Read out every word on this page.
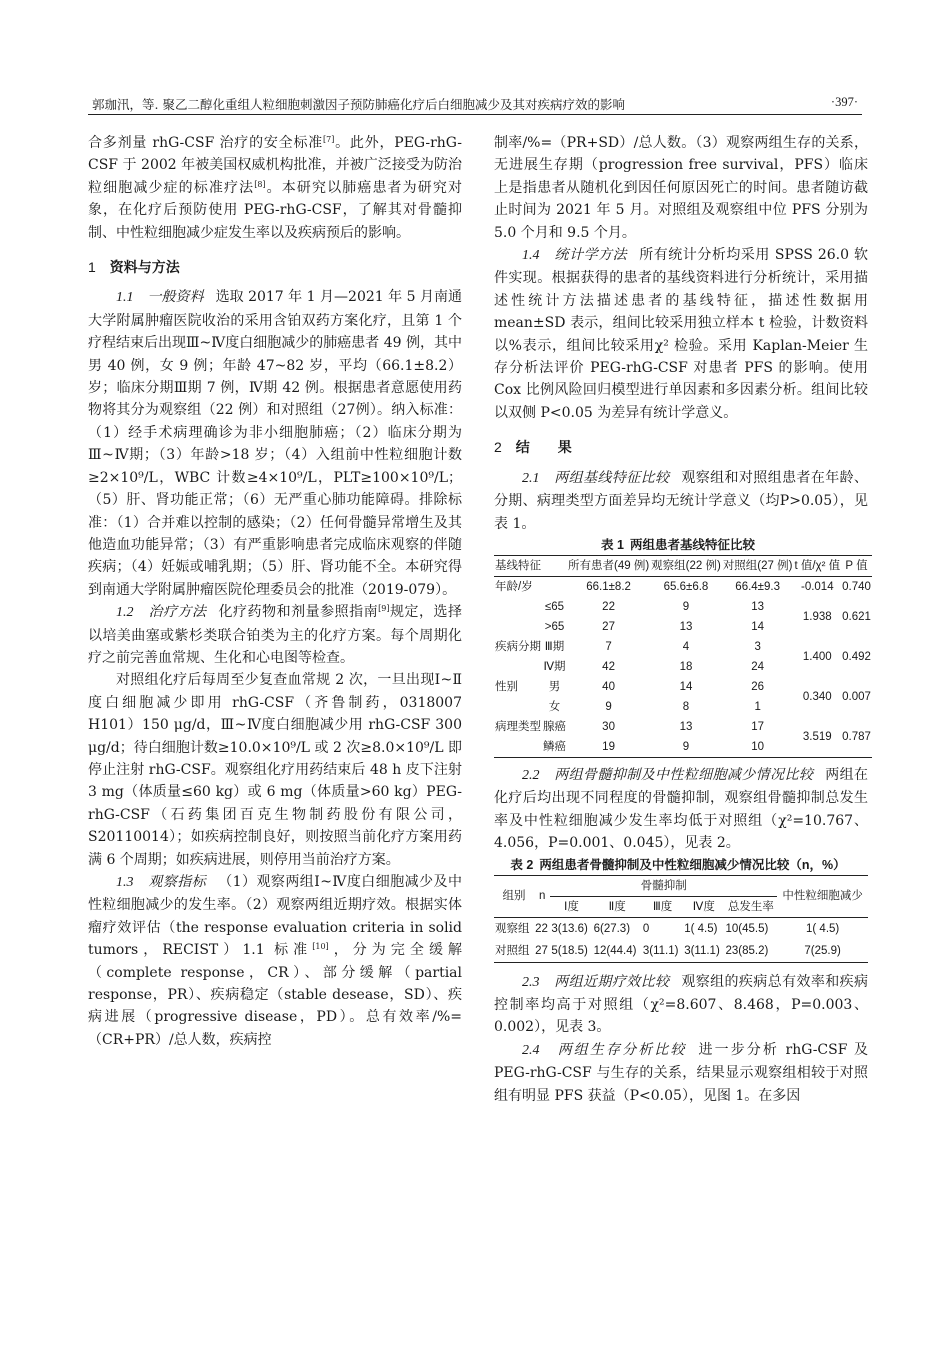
郭珈汛，等. 聚乙二醇化重组人粒细胞刺激因子预防肺癌化疗后白细胞减少及其对疾病疗效的影响	·397·

合多剂量 rhG-CSF 治疗的安全标准[7]。此外，PEG-rhG-CSF 于 2002 年被美国权威机构批准，并被广泛接受为防治粒细胞减少症的标准疗法[8]。本研究以肺癌患者为研究对象，在化疗后预防使用 PEG-rhG-CSF，了解其对骨髓抑制、中性粒细胞减少症发生率以及疾病预后的影响。

1 资料与方法

1.1　一般资料 选取 2017 年 1 月—2021 年 5 月南通大学附属肿瘤医院收治的采用含铂双药方案化疗，且第 1 个疗程结束后出现Ⅲ~Ⅳ度白细胞减少的肺癌患者 49 例，其中男 40 例，女 9 例；年龄 47~82 岁，平均（66.1±8.2）岁；临床分期Ⅲ期 7 例，Ⅳ期 42 例。根据患者意愿使用药物将其分为观察组（22 例）和对照组（27例）。纳入标准：（1）经手术病理确诊为非小细胞肺癌；（2）临床分期为Ⅲ~Ⅳ期；（3）年龄>18 岁；（4）入组前中性粒细胞计数≥2×10⁹/L，WBC 计数≥4×10⁹/L，PLT≥100×10⁹/L；（5）肝、肾功能正常；（6）无严重心肺功能障碍。排除标准：（1）合并难以控制的感染；（2）任何骨髓异常增生及其他造血功能异常；（3）有严重影响患者完成临床观察的伴随疾病；（4）妊娠或哺乳期；（5）肝、肾功能不全。本研究得到南通大学附属肿瘤医院伦理委员会的批准（2019-079）。

1.2　治疗方法 化疗药物和剂量参照指南[9]规定，选择以培美曲塞或紫杉类联合铂类为主的化疗方案。每个周期化疗之前完善血常规、生化和心电图等检查。

对照组化疗后每周至少复查血常规 2 次，一旦出现Ⅰ~Ⅱ度白细胞减少即用 rhG-CSF（齐鲁制药，0318007 H101）150 μg/d，Ⅲ~Ⅳ度白细胞减少用 rhG-CSF 300 μg/d；待白细胞计数≥10.0×10⁹/L 或 2 次≥8.0×10⁹/L 即停止注射 rhG-CSF。观察组化疗用药结束后 48 h 皮下注射 3 mg（体质量≤60 kg）或 6 mg（体质量>60 kg）PEG-rhG-CSF（石药集团百克生物制药股份有限公司，S20110014）；如疾病控制良好，则按照当前化疗方案用药满 6 个周期；如疾病进展，则停用当前治疗方案。

1.3　观察指标 （1）观察两组Ⅰ~Ⅳ度白细胞减少及中性粒细胞减少的发生率。（2）观察两组近期疗效。根据实体瘤疗效评估（the response evaluation criteria in solid tumors，RECIST）1.1 标准[10]，分为完全缓解（complete response，CR）、部分缓解（partial response，PR）、疾病稳定（stable desease，SD）、疾病进展（progressive disease，PD）。总有效率/%=（CR+PR）/总人数，疾病控

制率/%=（PR+SD）/总人数。（3）观察两组生存的关系，无进展生存期（progression free survival，PFS）临床上是指患者从随机化到因任何原因死亡的时间。患者随访截止时间为 2021 年 5 月。对照组及观察组中位 PFS 分别为 5.0 个月和 9.5 个月。

1.4　统计学方法 所有统计分析均采用 SPSS 26.0 软件实现。根据获得的患者的基线资料进行分析统计，采用描述性统计方法描述患者的基线特征，描述性数据用 mean±SD 表示，组间比较采用独立样本 t 检验，计数资料以%表示，组间比较采用χ² 检验。采用 Kaplan-Meier 生存分析法评价 PEG-rhG-CSF 对患者 PFS 的影响。使用 Cox 比例风险回归模型进行单因素和多因素分析。组间比较以双侧 P<0.05 为差异有统计学意义。

2 结　　果

2.1　两组基线特征比较 观察组和对照组患者在年龄、分期、病理类型方面差异均无统计学意义（均P>0.05），见表 1。

表 1 两组患者基线特征比较
基线特征		所有患者(49 例)	观察组(22 例)	对照组(27 例)	t 值/χ² 值	P 值
年龄/岁		66.1±8.2	65.6±6.8	66.4±9.3	-0.014	0.740
	≤65	22	9	13	1.938	0.621
	>65	27	13	14		
疾病分期	Ⅲ期	7	4	3	1.400	0.492
	Ⅳ期	42	18	24		
性别	男	40	14	26	0.340	0.007
	女	9	8	1		
病理类型	腺癌	30	13	17	3.519	0.787
	鳞癌	19	9	10		

2.2　两组骨髓抑制及中性粒细胞减少情况比较 两组在化疗后均出现不同程度的骨髓抑制，观察组骨髓抑制总发生率及中性粒细胞减少发生率均低于对照组（χ²=10.767、4.056，P=0.001、0.045），见表 2。

表 2 两组患者骨髓抑制及中性粒细胞减少情况比较（n，%）
组别	n	骨髓抑制					中性粒细胞减少
		Ⅰ度	Ⅱ度	Ⅲ度	Ⅳ度	总发生率	
观察组	22	3(13.6)	6(27.3)	0	1( 4.5)	10(45.5)	1( 4.5)
对照组	27	5(18.5)	12(44.4)	3(11.1)	3(11.1)	23(85.2)	7(25.9)

2.3　两组近期疗效比较 观察组的疾病总有效率和疾病控制率均高于对照组（χ²=8.607、8.468，P=0.003、0.002），见表 3。

2.4　两组生存分析比较 进一步分析 rhG-CSF 及 PEG-rhG-CSF 与生存的关系，结果显示观察组相较于对照组有明显 PFS 获益（P<0.05），见图 1。在多因
